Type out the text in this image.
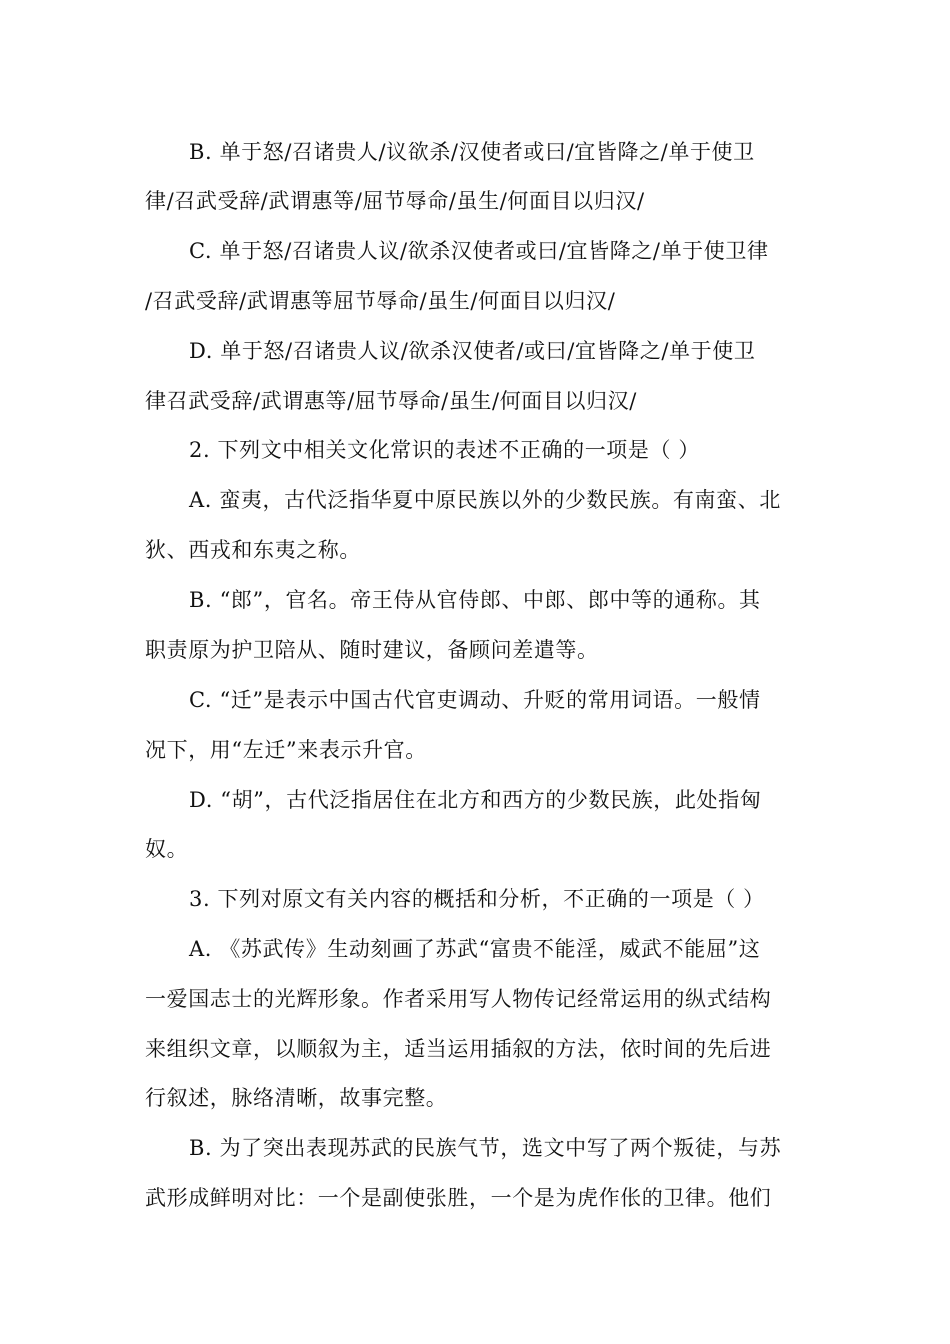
B. 单于怒/召诸贵人/议欲杀/汉使者或曰/宜皆降之/单于使卫
律/召武受辞/武谓惠等/屈节辱命/虽生/何面目以归汉/
C. 单于怒/召诸贵人议/欲杀汉使者或曰/宜皆降之/单于使卫律
/召武受辞/武谓惠等屈节辱命/虽生/何面目以归汉/
D. 单于怒/召诸贵人议/欲杀汉使者/或曰/宜皆降之/单于使卫
律召武受辞/武谓惠等/屈节辱命/虽生/何面目以归汉/
2. 下列文中相关文化常识的表述不正确的一项是（ ）
A. 蛮夷，古代泛指华夏中原民族以外的少数民族。有南蛮、北
狄、西戎和东夷之称。
B. “郎”，官名。帝王侍从官侍郎、中郎、郎中等的通称。其
职责原为护卫陪从、随时建议，备顾问差遣等。
C. “迁”是表示中国古代官吏调动、升贬的常用词语。一般情
况下，用“左迁”来表示升官。
D. “胡”，古代泛指居住在北方和西方的少数民族，此处指匈
奴。
3. 下列对原文有关内容的概括和分析，不正确的一项是（ ）
A. 《苏武传》生动刻画了苏武“富贵不能淫，威武不能屈”这
一爱国志士的光辉形象。作者采用写人物传记经常运用的纵式结构
来组织文章，以顺叙为主，适当运用插叙的方法，依时间的先后进
行叙述，脉络清晰，故事完整。
B. 为了突出表现苏武的民族气节，选文中写了两个叛徒，与苏
武形成鲜明对比：一个是副使张胜，一个是为虎作伥的卫律。他们
